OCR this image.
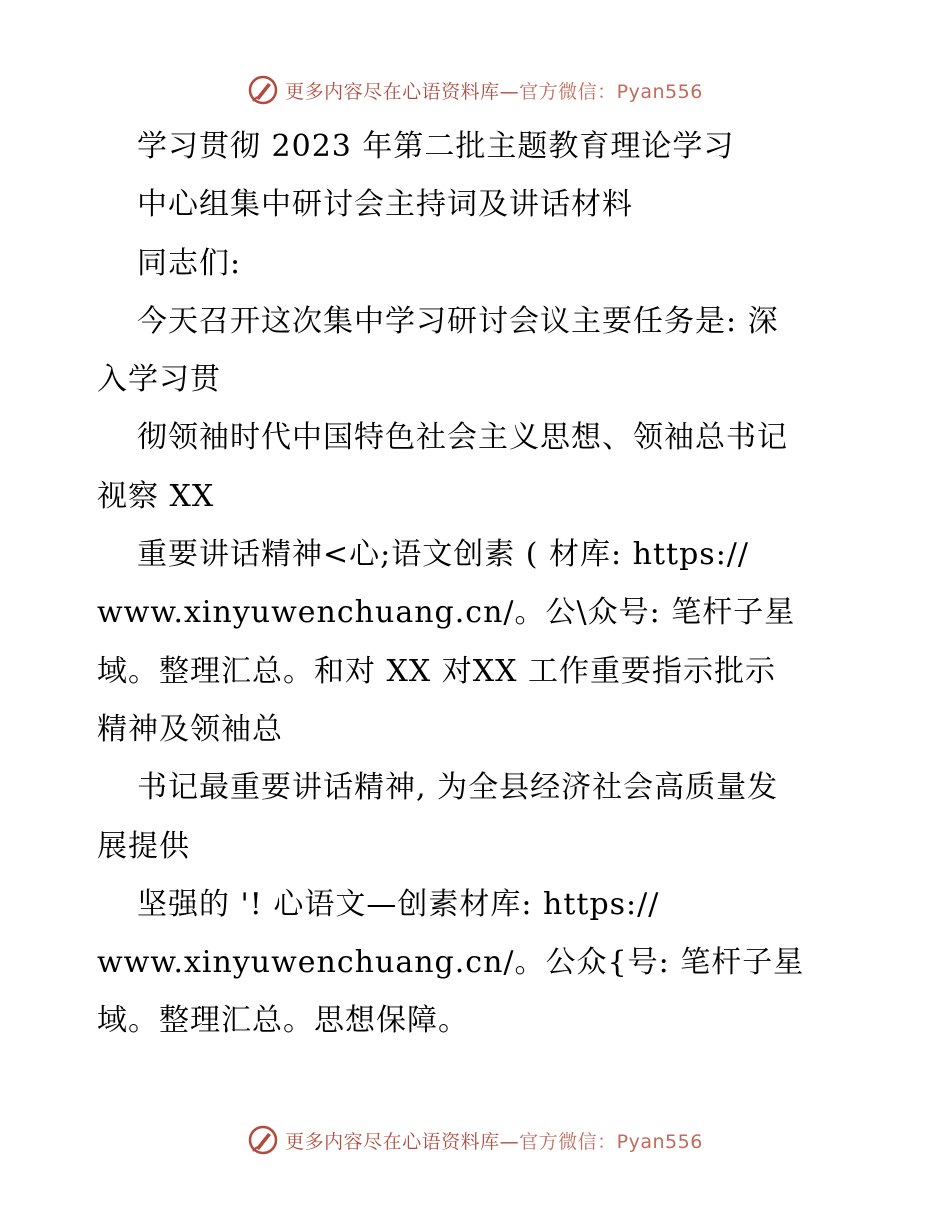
更多内容尽在心语资料库—官方微信：Pyan556
学习贯彻 2023 年第二批主题教育理论学习
中心组集中研讨会主持词及讲话材料
同志们:
今天召开这次集中学习研讨会议主要任务是: 深
入学习贯
彻领袖时代中国特色社会主义思想、领袖总书记
视察 XX
重要讲话精神<心;语文创素 ( 材库: https://
www.xinyuwenchuang.cn/。公\众号: 笔杆子星
域。整理汇总。和对 XX 对XX 工作重要指示批示
精神及领袖总
书记最重要讲话精神, 为全县经济社会高质量发
展提供
坚强的 '! 心语文—创素材库: https://
www.xinyuwenchuang.cn/。公众{号: 笔杆子星
域。整理汇总。思想保障。
更多内容尽在心语资料库—官方微信：Pyan556
